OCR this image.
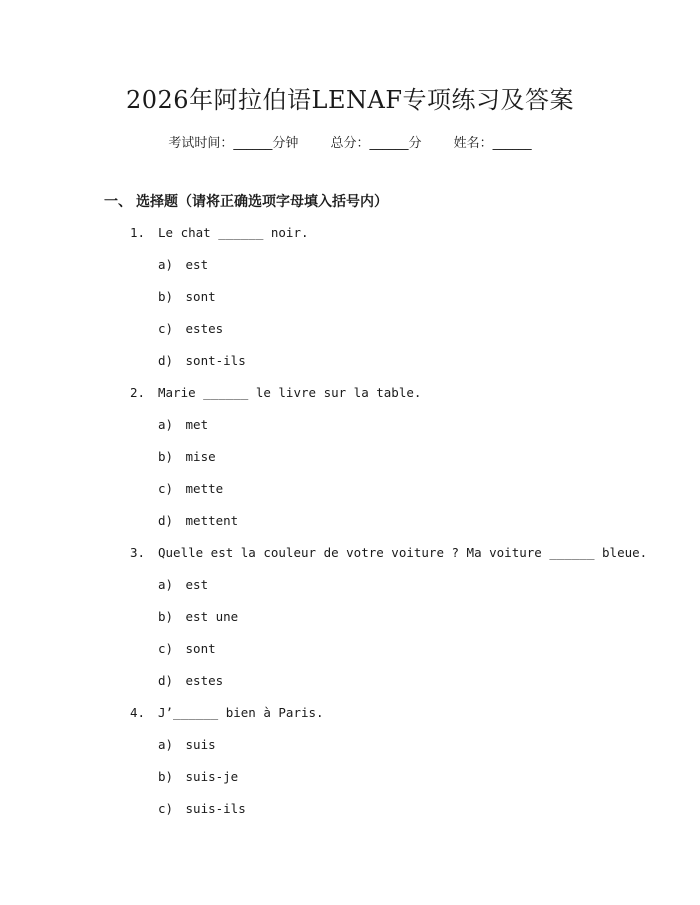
2026年阿拉伯语LENAF专项练习及答案
考试时间：______分钟 总分：______分 姓名：______
一、 选择题（请将正确选项字母填入括号内）
1. Le chat ______ noir.
a) est
b) sont
c) estes
d) sont-ils
2. Marie ______ le livre sur la table.
a) met
b) mise
c) mette
d) mettent
3. Quelle est la couleur de votre voiture ? Ma voiture ______ bleue.
a) est
b) est une
c) sont
d) estes
4. J’______ bien à Paris.
a) suis
b) suis-je
c) suis-ils
